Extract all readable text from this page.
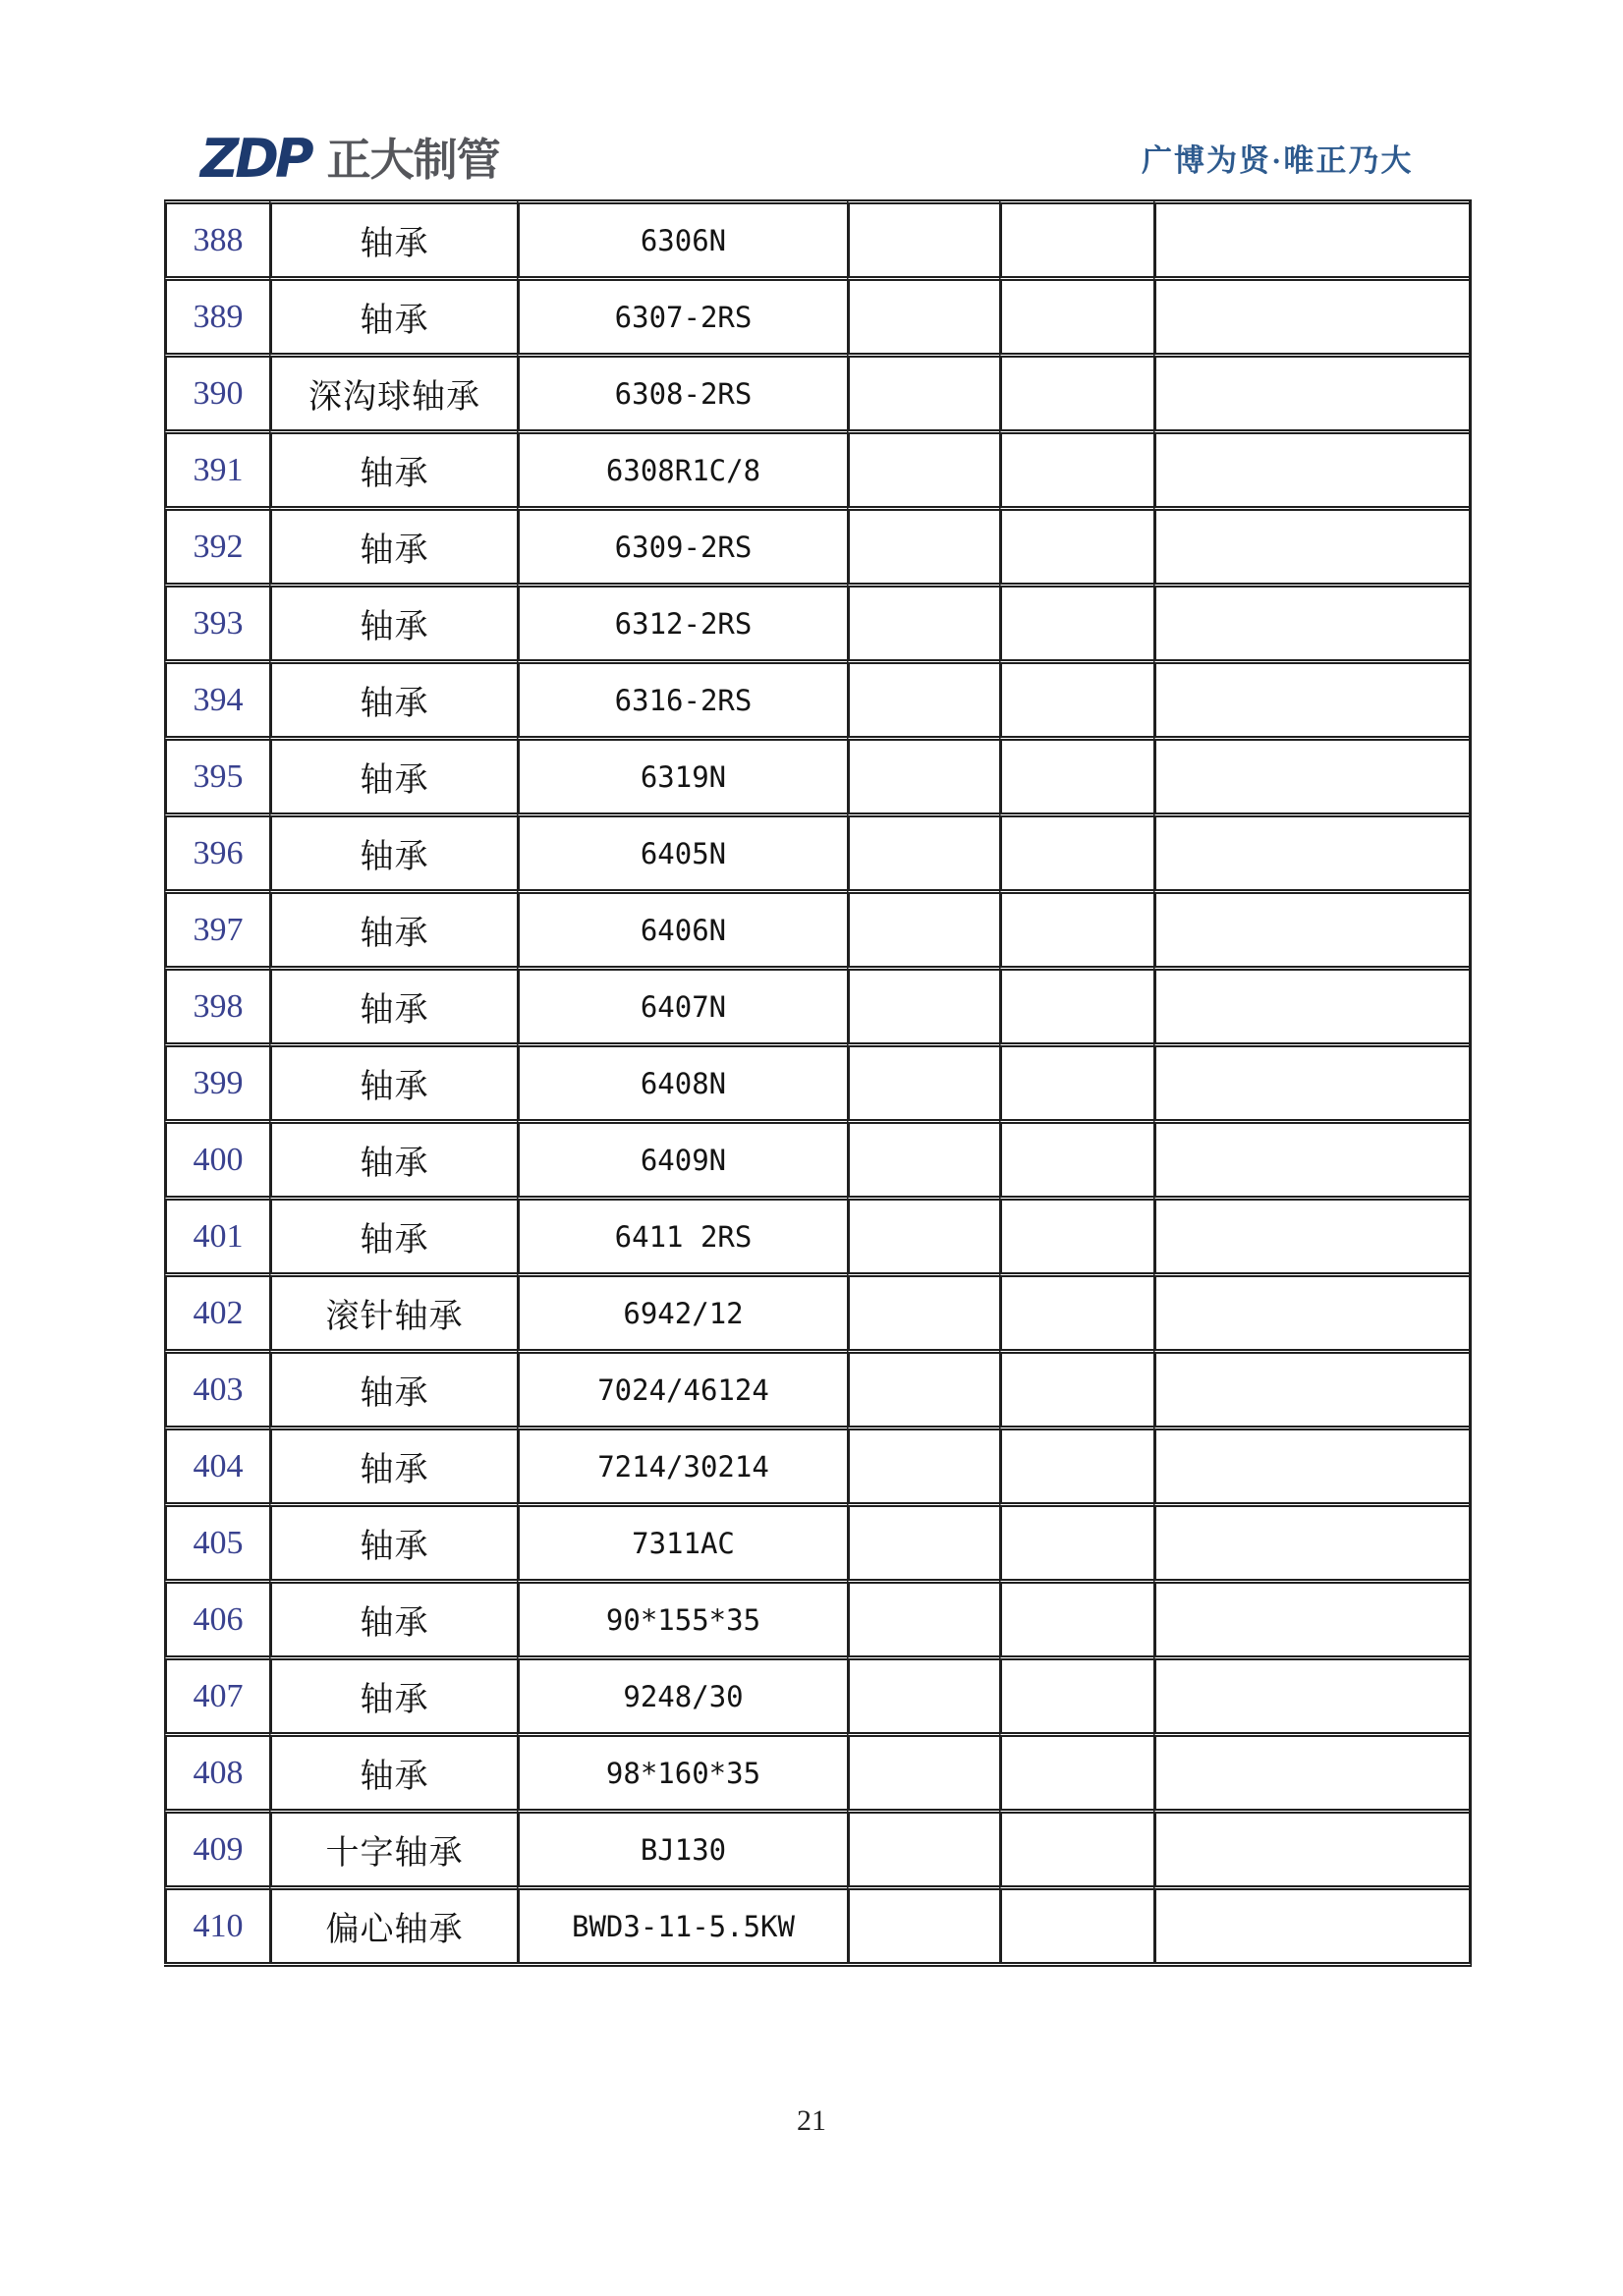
ZDP 正大制管	广博为贤·唯正乃大
388	轴承	6306N			
389	轴承	6307-2RS			
390	深沟球轴承	6308-2RS			
391	轴承	6308R1C/8			
392	轴承	6309-2RS			
393	轴承	6312-2RS			
394	轴承	6316-2RS			
395	轴承	6319N			
396	轴承	6405N			
397	轴承	6406N			
398	轴承	6407N			
399	轴承	6408N			
400	轴承	6409N			
401	轴承	6411 2RS			
402	滚针轴承	6942/12			
403	轴承	7024/46124			
404	轴承	7214/30214			
405	轴承	7311AC			
406	轴承	90*155*35			
407	轴承	9248/30			
408	轴承	98*160*35			
409	十字轴承	BJ130			
410	偏心轴承	BWD3-11-5.5KW			
21
